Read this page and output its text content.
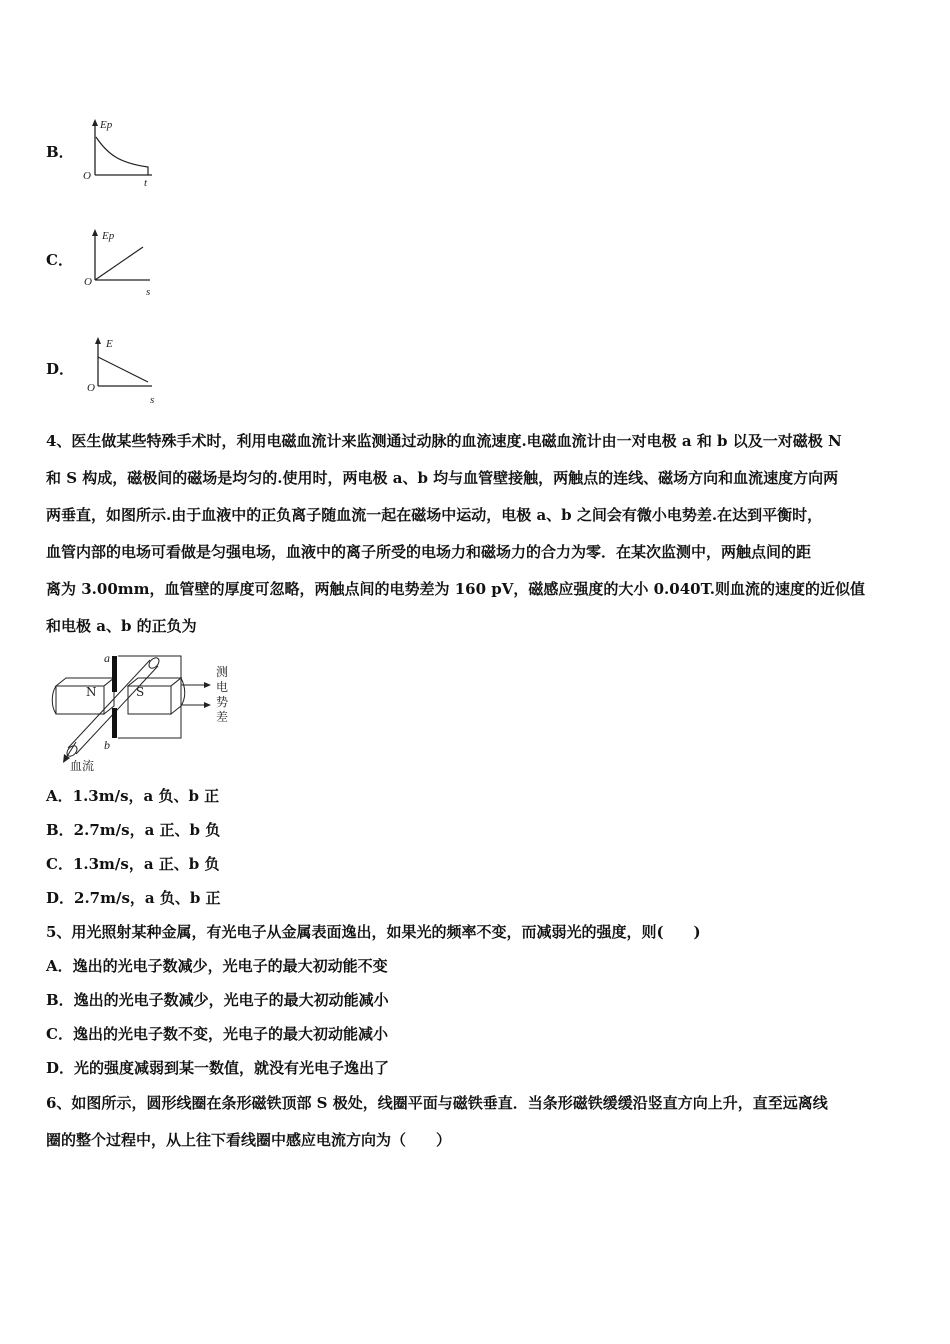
B．
Ep
t
O
C．
Ep
s
O
D．
E
s
O
4、医生做某些特殊手术时，利用电磁血流计来监测通过动脉的血流速度.电磁血流计由一对电极 a 和 b 以及一对磁极 N
和 S 构成，磁极间的磁场是均匀的.使用时，两电极 a、b 均与血管壁接触，两触点的连线、磁场方向和血流速度方向两
两垂直，如图所示.由于血液中的正负离子随血流一起在磁场中运动，电极 a、b 之间会有微小电势差.在达到平衡时，
血管内部的电场可看做是匀强电场，血液中的离子所受的电场力和磁场力的合力为零．在某次监测中，两触点间的距
离为 3.00mm，血管壁的厚度可忽略，两触点间的电势差为 160 pV，磁感应强度的大小 0.040T.则血流的速度的近似值
和电极 a、b 的正负为
a
b
N	S
血流
测
电
势
差
A．1.3m/s，a 负、b 正
B．2.7m/s，a 正、b 负
C．1.3m/s，a 正、b 负
D．2.7m/s，a 负、b 正
5、用光照射某种金属，有光电子从金属表面逸出，如果光的频率不变，而减弱光的强度，则(　　)
A．逸出的光电子数减少，光电子的最大初动能不变
B．逸出的光电子数减少，光电子的最大初动能减小
C．逸出的光电子数不变，光电子的最大初动能减小
D．光的强度减弱到某一数值，就没有光电子逸出了
6、如图所示，圆形线圈在条形磁铁顶部 S 极处，线圈平面与磁铁垂直．当条形磁铁缓缓沿竖直方向上升，直至远离线
圈的整个过程中，从上往下看线圈中感应电流方向为（　　）
